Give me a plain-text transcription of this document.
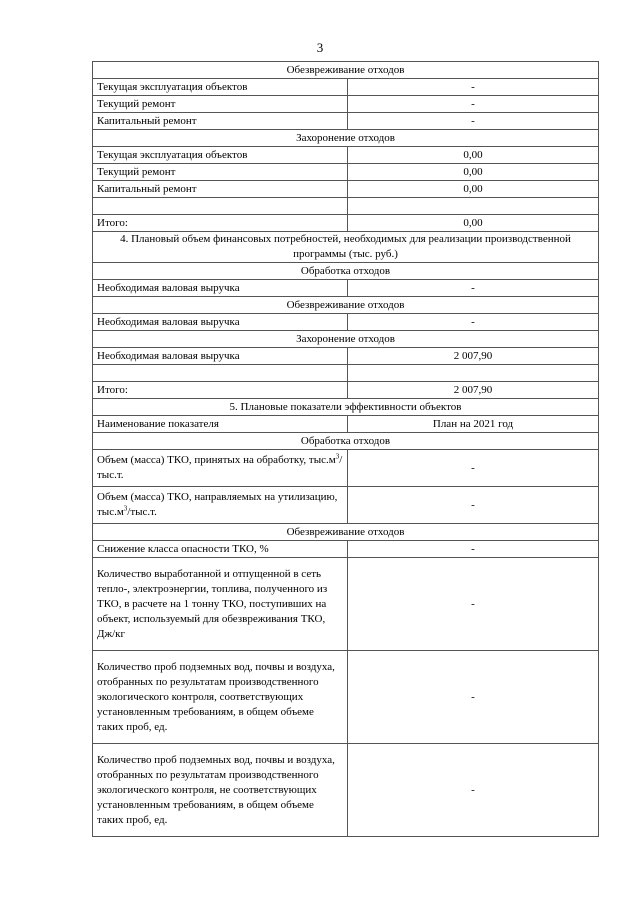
3
Обезвреживание отходов	
Текущая эксплуатация объектов	-
Текущий ремонт	-
Капитальный ремонт	-
Захоронение отходов	
Текущая эксплуатация объектов	0,00
Текущий ремонт	0,00
Капитальный ремонт	0,00

Итого:	0,00
4. Плановый объем финансовых потребностей, необходимых для реализации производственной программы (тыс. руб.)	
Обработка отходов	
Необходимая валовая выручка	-
Обезвреживание отходов	
Необходимая валовая выручка	-
Захоронение отходов	
Необходимая валовая выручка	2 007,90

Итого:	2 007,90
5. Плановые показатели эффективности объектов	
Наименование показателя	План на 2021 год
Обработка отходов	
Объем (масса) ТКО, принятых на обработку, $тыс.м^3/тыс.т$.	-
Объем (масса) ТКО, направляемых на утилизацию, $тыс.м^3/тыс.т$.	-
Обезвреживание отходов	
Снижение класса опасности ТКО, %	-
Количество выработанной и отпущенной в сеть тепло-, электроэнергии, топлива, полученного из ТКО, в расчете на 1 тонну ТКО, поступивших на объект, используемый для обезвреживания ТКО, Дж/кг	-
Количество проб подземных вод, почвы и воздуха, отобранных по результатам производственного экологического контроля, соответствующих установленным требованиям, в общем объеме таких проб, ед.	-
Количество проб подземных вод, почвы и воздуха, отобранных по результатам производственного экологического контроля, не соответствующих установленным требованиям, в общем объеме таких проб, ед.	-
